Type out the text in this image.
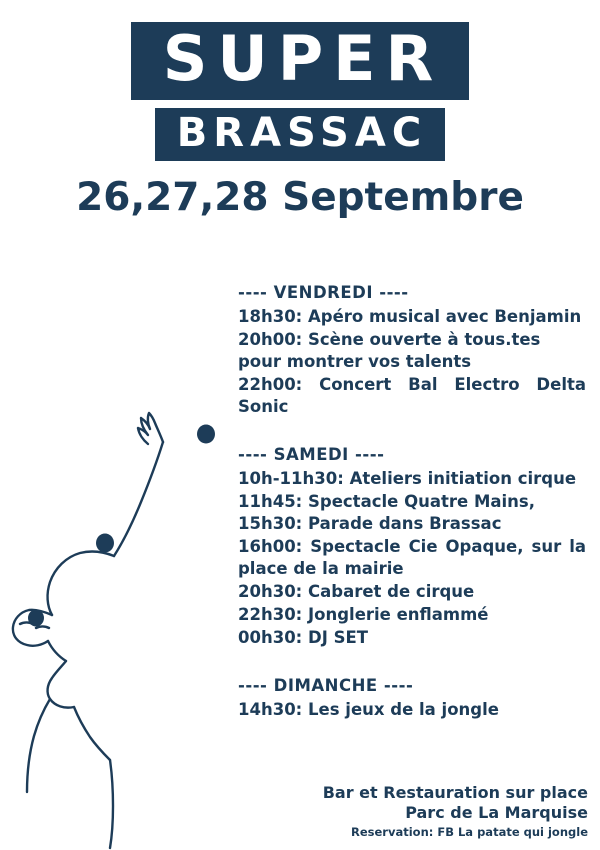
SUPER
BRASSAC
26,27,28 Septembre
---- VENDREDI ----

18h30: Apéro musical avec Benjamin

20h00: Scène ouverte à tous.tes pour montrer vos talents

22h00: Concert Bal Electro Delta Sonic

---- SAMEDI ----

10h-11h30: Ateliers initiation cirque

11h45: Spectacle Quatre Mains,

15h30: Parade dans Brassac

16h00: Spectacle Cie Opaque, sur la place de la mairie

20h30: Cabaret de cirque

22h30: Jonglerie enflammé

00h30: DJ SET

---- DIMANCHE ----

14h30: Les jeux de la jongle

Bar et Restauration sur place
Parc de La Marquise
Reservation: FB La patate qui jongle
